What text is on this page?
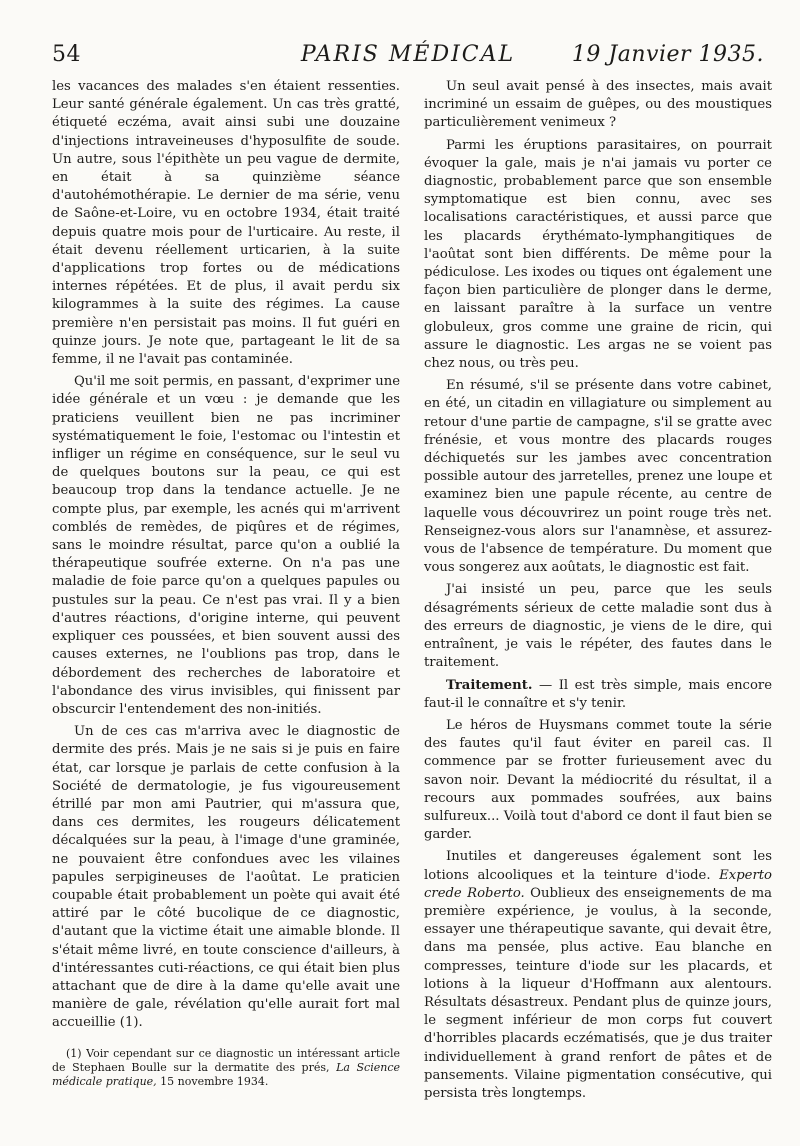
54	PARIS MÉDICAL	19 Janvier 1935.

les vacances des malades s'en étaient ressenties. Leur santé générale également. Un cas très gratté, étiqueté eczéma, avait ainsi subi une douzaine d'injections intraveineuses d'hyposulfite de soude. Un autre, sous l'épithète un peu vague de dermite, en était à sa quinzième séance d'autohémothérapie. Le dernier de ma série, venu de Saône-et-Loire, vu en octobre 1934, était traité depuis quatre mois pour de l'urticaire. Au reste, il était devenu réellement urticarien, à la suite d'applications trop fortes ou de médications internes répétées. Et de plus, il avait perdu six kilogrammes à la suite des régimes. La cause première n'en persistait pas moins. Il fut guéri en quinze jours. Je note que, partageant le lit de sa femme, il ne l'avait pas contaminée.

Qu'il me soit permis, en passant, d'exprimer une idée générale et un vœu : je demande que les praticiens veuillent bien ne pas incriminer systématiquement le foie, l'estomac ou l'intestin et infliger un régime en conséquence, sur le seul vu de quelques boutons sur la peau, ce qui est beaucoup trop dans la tendance actuelle. Je ne compte plus, par exemple, les acnés qui m'arrivent comblés de remèdes, de piqûres et de régimes, sans le moindre résultat, parce qu'on a oublié la thérapeutique soufrée externe. On n'a pas une maladie de foie parce qu'on a quelques papules ou pustules sur la peau. Ce n'est pas vrai. Il y a bien d'autres réactions, d'origine interne, qui peuvent expliquer ces poussées, et bien souvent aussi des causes externes, ne l'oublions pas trop, dans le débordement des recherches de laboratoire et l'abondance des virus invisibles, qui finissent par obscurcir l'entendement des non-initiés.

Un de ces cas m'arriva avec le diagnostic de dermite des prés. Mais je ne sais si je puis en faire état, car lorsque je parlais de cette confusion à la Société de dermatologie, je fus vigoureusement étrillé par mon ami Pautrier, qui m'assura que, dans ces dermites, les rougeurs délicatement décalquées sur la peau, à l'image d'une graminée, ne pouvaient être confondues avec les vilaines papules serpigineuses de l'aoûtat. Le praticien coupable était probablement un poète qui avait été attiré par le côté bucolique de ce diagnostic, d'autant que la victime était une aimable blonde. Il s'était même livré, en toute conscience d'ailleurs, à d'intéressantes cuti-réactions, ce qui était bien plus attachant que de dire à la dame qu'elle avait une manière de gale, révélation qu'elle aurait fort mal accueillie (1).

(1) Voir cependant sur ce diagnostic un intéressant article de Stephaen Boulle sur la dermatite des prés, La Science médicale pratique, 15 novembre 1934.

Un seul avait pensé à des insectes, mais avait incriminé un essaim de guêpes, ou des moustiques particulièrement venimeux ?

Parmi les éruptions parasitaires, on pourrait évoquer la gale, mais je n'ai jamais vu porter ce diagnostic, probablement parce que son ensemble symptomatique est bien connu, avec ses localisations caractéristiques, et aussi parce que les placards érythémato-lymphangitiques de l'aoûtat sont bien différents. De même pour la pédiculose. Les ixodes ou tiques ont également une façon bien particulière de plonger dans le derme, en laissant paraître à la surface un ventre globuleux, gros comme une graine de ricin, qui assure le diagnostic. Les argas ne se voient pas chez nous, ou très peu.

En résumé, s'il se présente dans votre cabinet, en été, un citadin en villagiature ou simplement au retour d'une partie de campagne, s'il se gratte avec frénésie, et vous montre des placards rouges déchiquetés sur les jambes avec concentration possible autour des jarretelles, prenez une loupe et examinez bien une papule récente, au centre de laquelle vous découvrirez un point rouge très net. Renseignez-vous alors sur l'anamnèse, et assurez-vous de l'absence de température. Du moment que vous songerez aux aoûtats, le diagnostic est fait.

J'ai insisté un peu, parce que les seuls désagréments sérieux de cette maladie sont dus à des erreurs de diagnostic, je viens de le dire, qui entraînent, je vais le répéter, des fautes dans le traitement.

Traitement. — Il est très simple, mais encore faut-il le connaître et s'y tenir.

Le héros de Huysmans commet toute la série des fautes qu'il faut éviter en pareil cas. Il commence par se frotter furieusement avec du savon noir. Devant la médiocrité du résultat, il a recours aux pommades soufrées, aux bains sulfureux... Voilà tout d'abord ce dont il faut bien se garder.

Inutiles et dangereuses également sont les lotions alcooliques et la teinture d'iode. Experto crede Roberto. Oublieux des enseignements de ma première expérience, je voulus, à la seconde, essayer une thérapeutique savante, qui devait être, dans ma pensée, plus active. Eau blanche en compresses, teinture d'iode sur les placards, et lotions à la liqueur d'Hoffmann aux alentours. Résultats désastreux. Pendant plus de quinze jours, le segment inférieur de mon corps fut couvert d'horribles placards eczématisés, que je dus traiter individuellement à grand renfort de pâtes et de pansements. Vilaine pigmentation consécutive, qui persista très longtemps.
